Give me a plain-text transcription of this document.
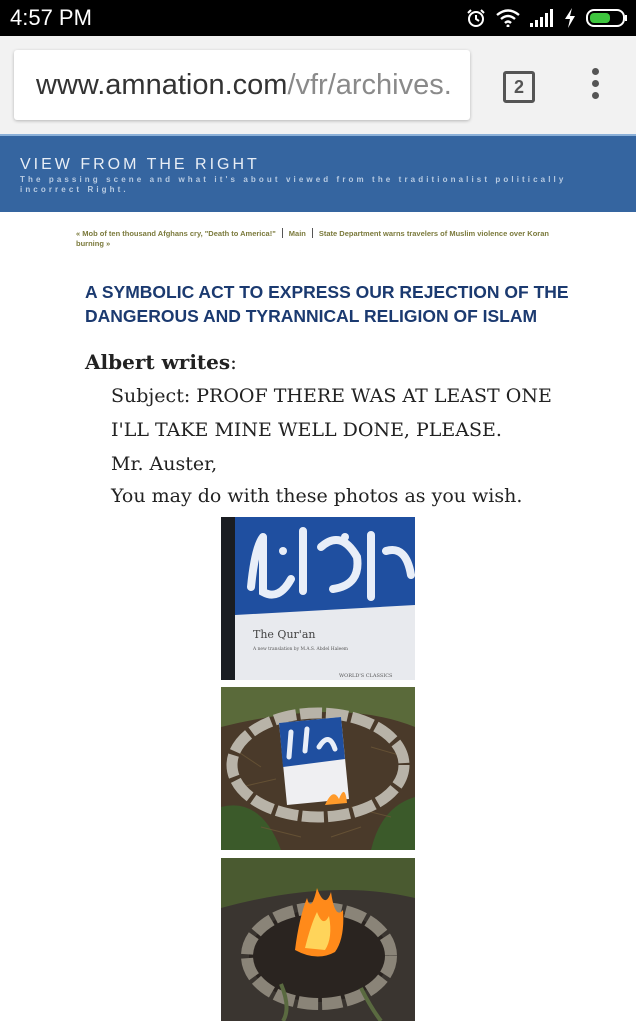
4:57 PM
www.amnation.com/vfr/archives.	2
VIEW FROM THE RIGHT
The passing scene and what it's about viewed from the traditionalist politically incorrect Right.
« Mob of ten thousand Afghans cry, "Death to America!" Main State Department warns travelers of Muslim violence over Koran burning »
A SYMBOLIC ACT TO EXPRESS OUR REJECTION OF THE DANGEROUS AND TYRANNICAL RELIGION OF ISLAM
Albert writes:
Subject: PROOF THERE WAS AT LEAST ONE
I'LL TAKE MINE WELL DONE, PLEASE.
Mr. Auster,
You may do with these photos as you wish.
The Qur'an
A new translation by M.A.S. Abdel Haleem
WORLD'S CLASSICS
